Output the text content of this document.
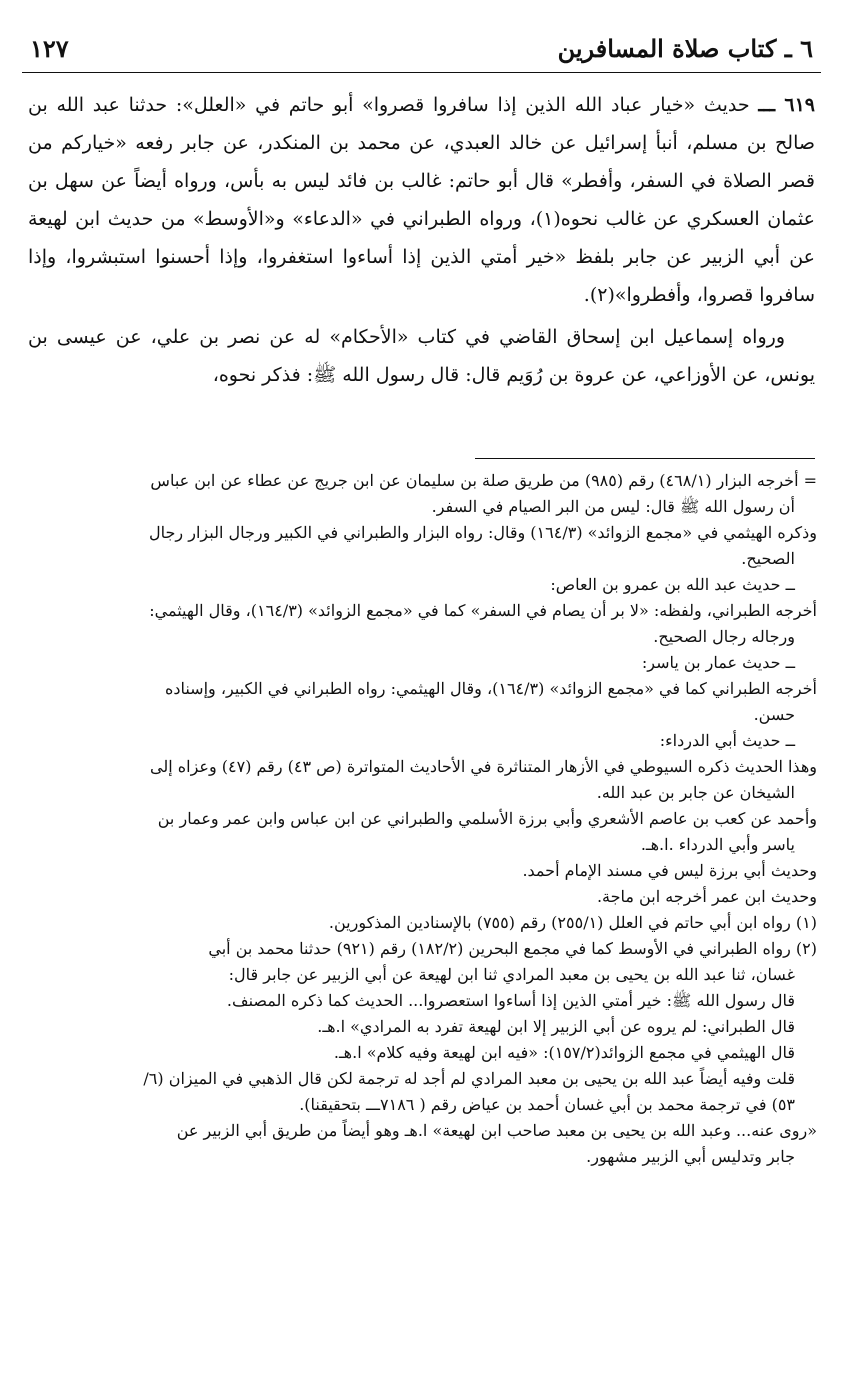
٦ ـ كتاب صلاة المسافرين
١٢٧

٦١٩ ـــ حديث «خيار عباد الله الذين إذا سافروا قصروا» أبو حاتم في «العلل»: حدثنا عبد الله بن صالح بن مسلم، أنبأ إسرائيل عن خالد العبدي، عن محمد بن المنكدر، عن جابر رفعه «خياركم من قصر الصلاة في السفر، وأفطر» قال أبو حاتم: غالب بن فائد ليس به بأس، ورواه أيضاً عن سهل بن عثمان العسكري عن غالب نحوه(١)، ورواه الطبراني في «الدعاء» و«الأوسط» من حديث ابن لهيعة عن أبي الزبير عن جابر بلفظ «خير أمتي الذين إذا أساءوا استغفروا، وإذا أحسنوا استبشروا، وإذا سافروا قصروا، وأفطروا»(٢).

ورواه إسماعيل ابن إسحاق القاضي في كتاب «الأحكام» له عن نصر بن علي، عن عيسى بن يونس، عن الأوزاعي، عن عروة بن رُوَيم قال: قال رسول الله ﷺ: فذكر نحوه،

= أخرجه البزار (٤٦٨/١) رقم (٩٨٥) من طريق صلة بن سليمان عن ابن جريج عن عطاء عن ابن عباس

أن رسول الله ﷺ قال: ليس من البر الصيام في السفر.

وذكره الهيثمي في «مجمع الزوائد» (١٦٤/٣) وقال: رواه البزار والطبراني في الكبير ورجال البزار رجال

الصحيح.

ــ حديث عبد الله بن عمرو بن العاص:

أخرجه الطبراني، ولفظه: «لا بر أن يصام في السفر» كما في «مجمع الزوائد» (١٦٤/٣)، وقال الهيثمي:

ورجاله رجال الصحيح.

ــ حديث عمار بن ياسر:

أخرجه الطبراني كما في «مجمع الزوائد» (١٦٤/٣)، وقال الهيثمي: رواه الطبراني في الكبير، وإسناده

حسن.

ــ حديث أبي الدرداء:

وهذا الحديث ذكره السيوطي في الأزهار المتناثرة في الأحاديث المتواترة (ص ٤٣) رقم (٤٧) وعزاه إلى

الشيخان عن جابر بن عبد الله.

وأحمد عن كعب بن عاصم الأشعري وأبي برزة الأسلمي والطبراني عن ابن عباس وابن عمر وعمار بن

ياسر وأبي الدرداء .ا.هـ.

وحديث أبي برزة ليس في مسند الإمام أحمد.

وحديث ابن عمر أخرجه ابن ماجة.

(١) رواه ابن أبي حاتم في العلل (٢٥٥/١) رقم (٧٥٥) بالإسنادين المذكورين.

(٢) رواه الطبراني في الأوسط كما في مجمع البحرين (١٨٢/٢) رقم (٩٢١) حدثنا محمد بن أبي

غسان، ثنا عبد الله بن يحيى بن معبد المرادي ثنا ابن لهيعة عن أبي الزبير عن جابر قال:

قال رسول الله ﷺ: خير أمتي الذين إذا أساءوا استعصروا... الحديث كما ذكره المصنف.

قال الطبراني: لم يروه عن أبي الزبير إلا ابن لهيعة تفرد به المرادي» ا.هـ.

قال الهيثمي في مجمع الزوائد(١٥٧/٢): «فيه ابن لهيعة وفيه كلام» ا.هـ.

قلت وفيه أيضاً عبد الله بن يحيى بن معبد المرادي لم أجد له ترجمة لكن قال الذهبي في الميزان (٦/

٥٣) في ترجمة محمد بن أبي غسان أحمد بن عياض رقم ( ٧١٨٦ـــ بتحقيقنا).

«روى عنه... وعبد الله بن يحيى بن معبد صاحب ابن لهيعة» ا.هـ وهو أيضاً من طريق أبي الزبير عن

جابر وتدليس أبي الزبير مشهور.
